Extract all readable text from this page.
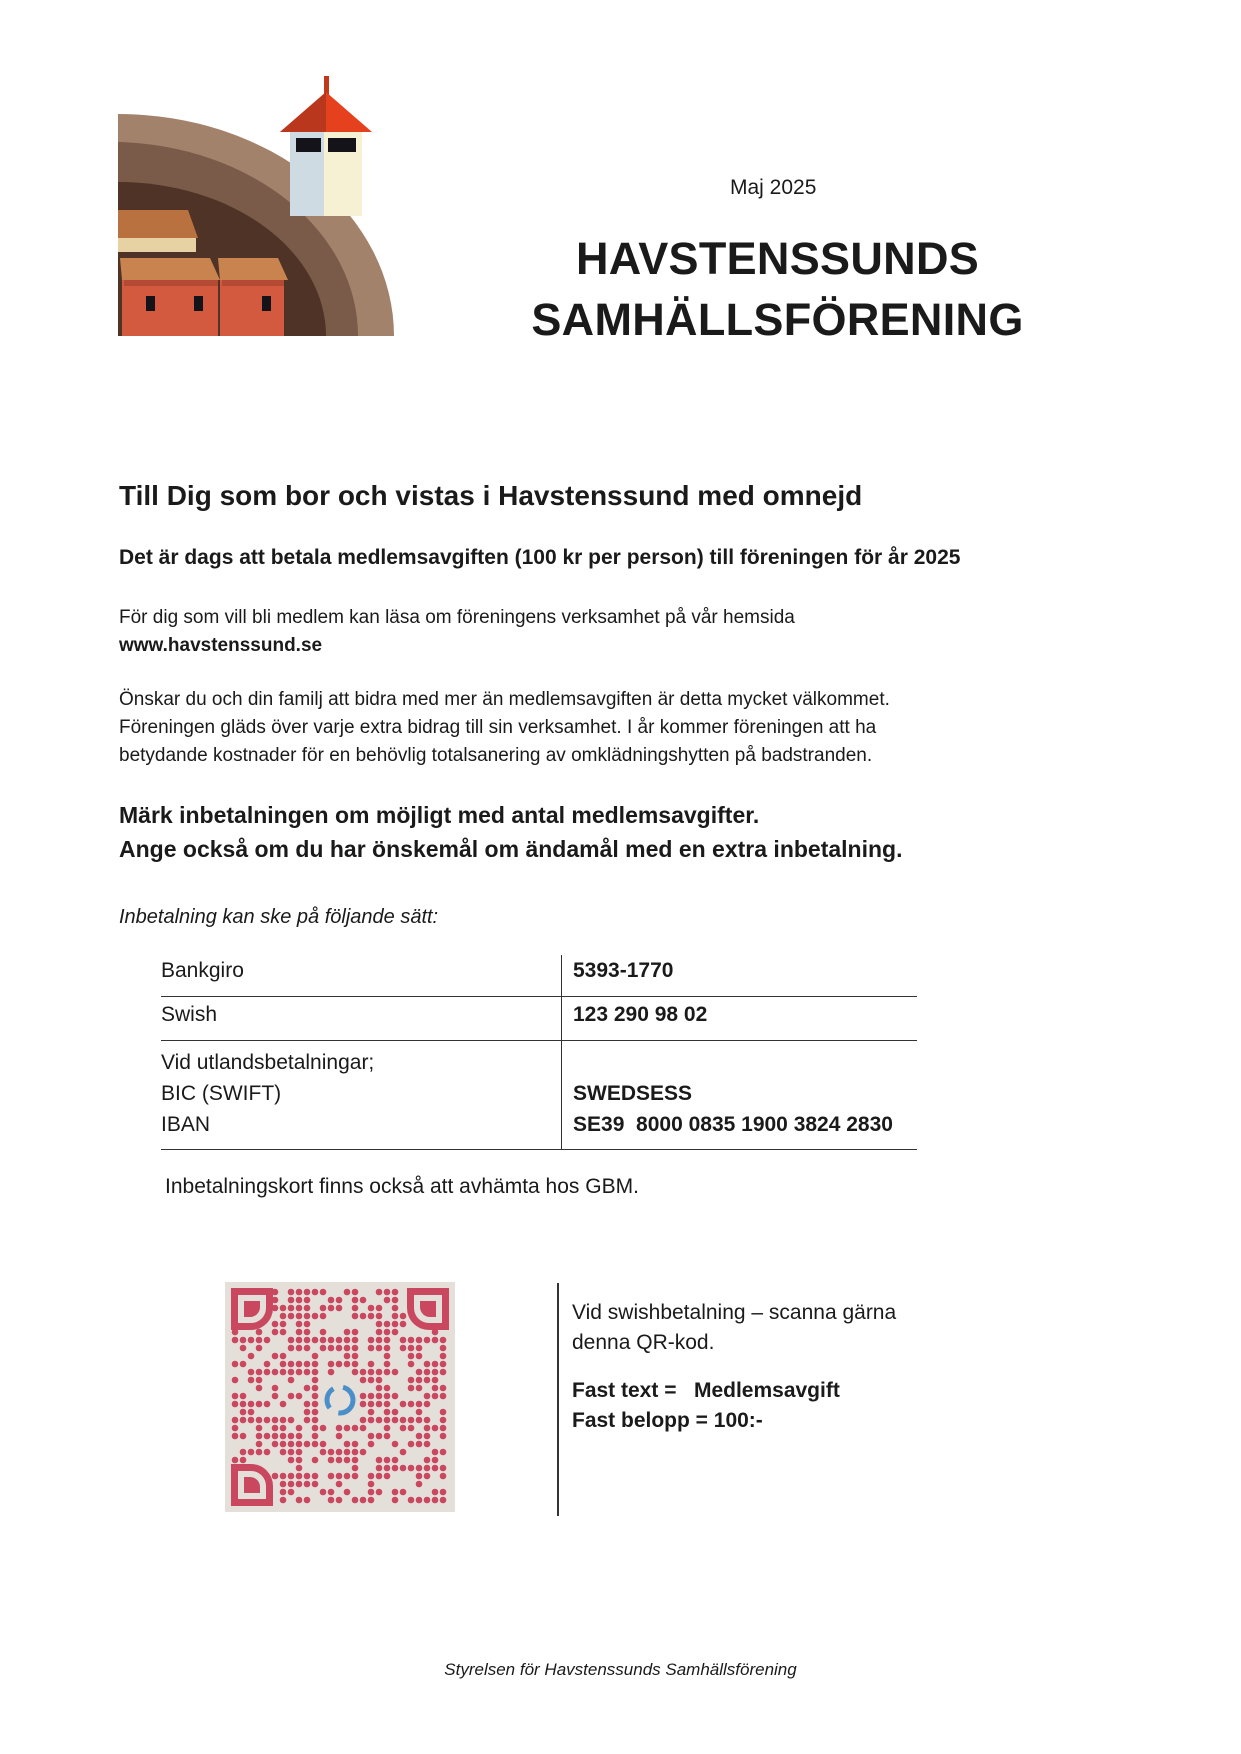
Maj 2025
HAVSTENSSUNDS
SAMHÄLLSFÖRENING
Till Dig som bor och vistas i Havstenssund med omnejd
Det är dags att betala medlemsavgiften (100 kr per person) till föreningen för år 2025
För dig som vill bli medlem kan läsa om föreningens verksamhet på vår hemsida
www.havstenssund.se
Önskar du och din familj att bidra med mer än medlemsavgiften är detta mycket välkommet.
Föreningen gläds över varje extra bidrag till sin verksamhet. I år kommer föreningen att ha
betydande kostnader för en behövlig totalsanering av omklädningshytten på badstranden.
Märk inbetalningen om möjligt med antal medlemsavgifter.
Ange också om du har önskemål om ändamål med en extra inbetalning.
Inbetalning kan ske på följande sätt:
Bankgiro	5393-1770
Swish	123 290 98 02
Vid utlandsbetalningar;
BIC (SWIFT)
IBAN

SWEDSESS
SE39  8000 0835 1900 3824 2830
Inbetalningskort finns också att avhämta hos GBM.
Vid swishbetalning – scanna gärna
denna QR-kod.
Fast text =   Medlemsavgift
Fast belopp = 100:-
Styrelsen för Havstenssunds Samhällsförening
